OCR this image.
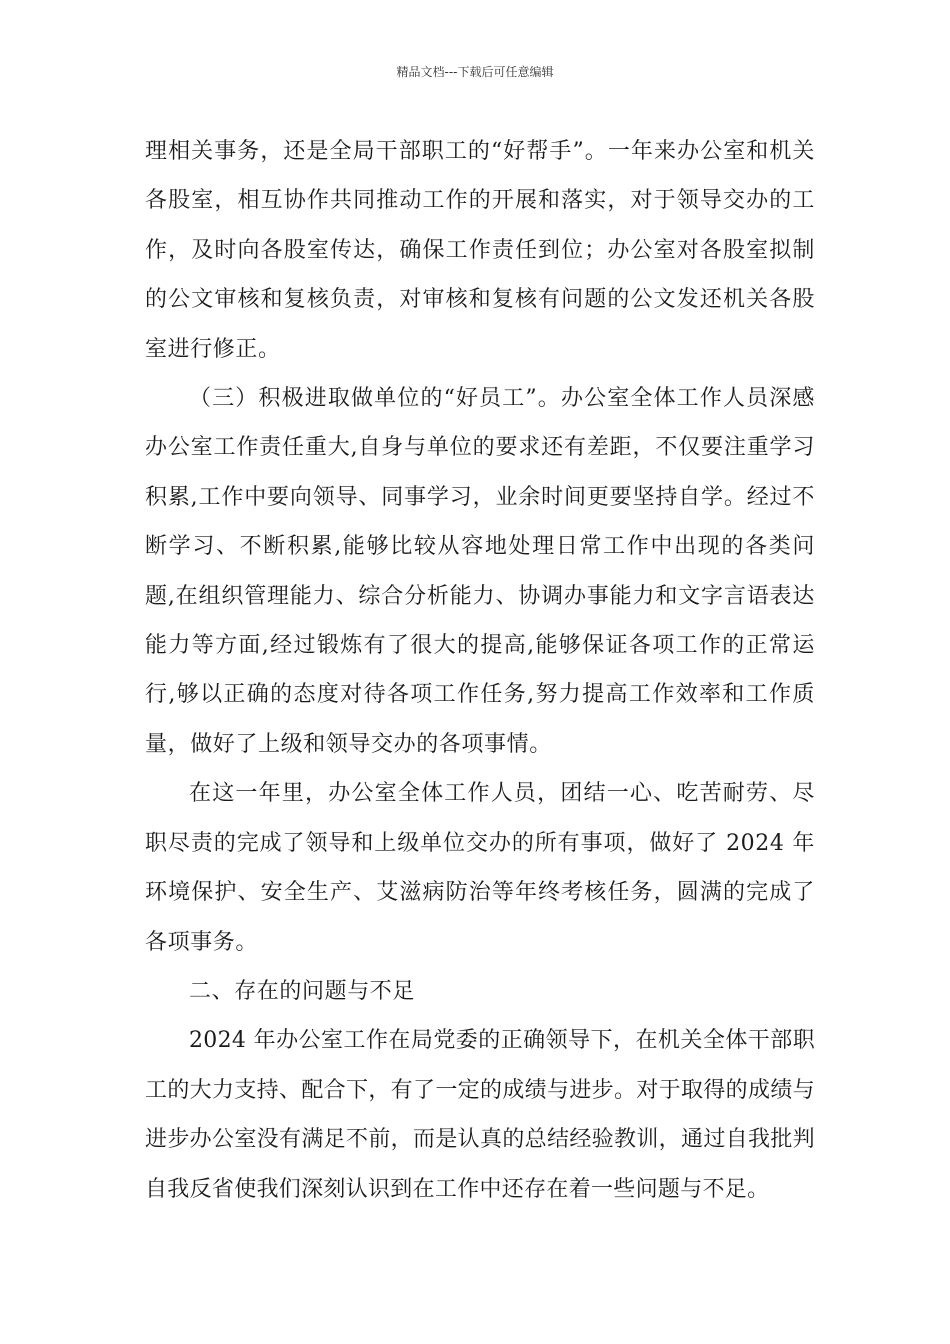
精品文档---下载后可任意编辑

理相关事务，还是全局干部职工的“好帮手”。一年来办公室和机关各股室，相互协作共同推动工作的开展和落实，对于领导交办的工作，及时向各股室传达，确保工作责任到位；办公室对各股室拟制的公文审核和复核负责，对审核和复核有问题的公文发还机关各股室进行修正。

（三）积极进取做单位的“好员工”。办公室全体工作人员深感办公室工作责任重大,自身与单位的要求还有差距，不仅要注重学习积累,工作中要向领导、同事学习，业余时间更要坚持自学。经过不断学习、不断积累,能够比较从容地处理日常工作中出现的各类问题,在组织管理能力、综合分析能力、协调办事能力和文字言语表达能力等方面,经过锻炼有了很大的提高,能够保证各项工作的正常运行,够以正确的态度对待各项工作任务,努力提高工作效率和工作质量，做好了上级和领导交办的各项事情。

在这一年里，办公室全体工作人员，团结一心、吃苦耐劳、尽职尽责的完成了领导和上级单位交办的所有事项，做好了 2024 年环境保护、安全生产、艾滋病防治等年终考核任务，圆满的完成了各项事务。

二、存在的问题与不足

2024 年办公室工作在局党委的正确领导下，在机关全体干部职工的大力支持、配合下，有了一定的成绩与进步。对于取得的成绩与进步办公室没有满足不前，而是认真的总结经验教训，通过自我批判自我反省使我们深刻认识到在工作中还存在着一些问题与不足。
